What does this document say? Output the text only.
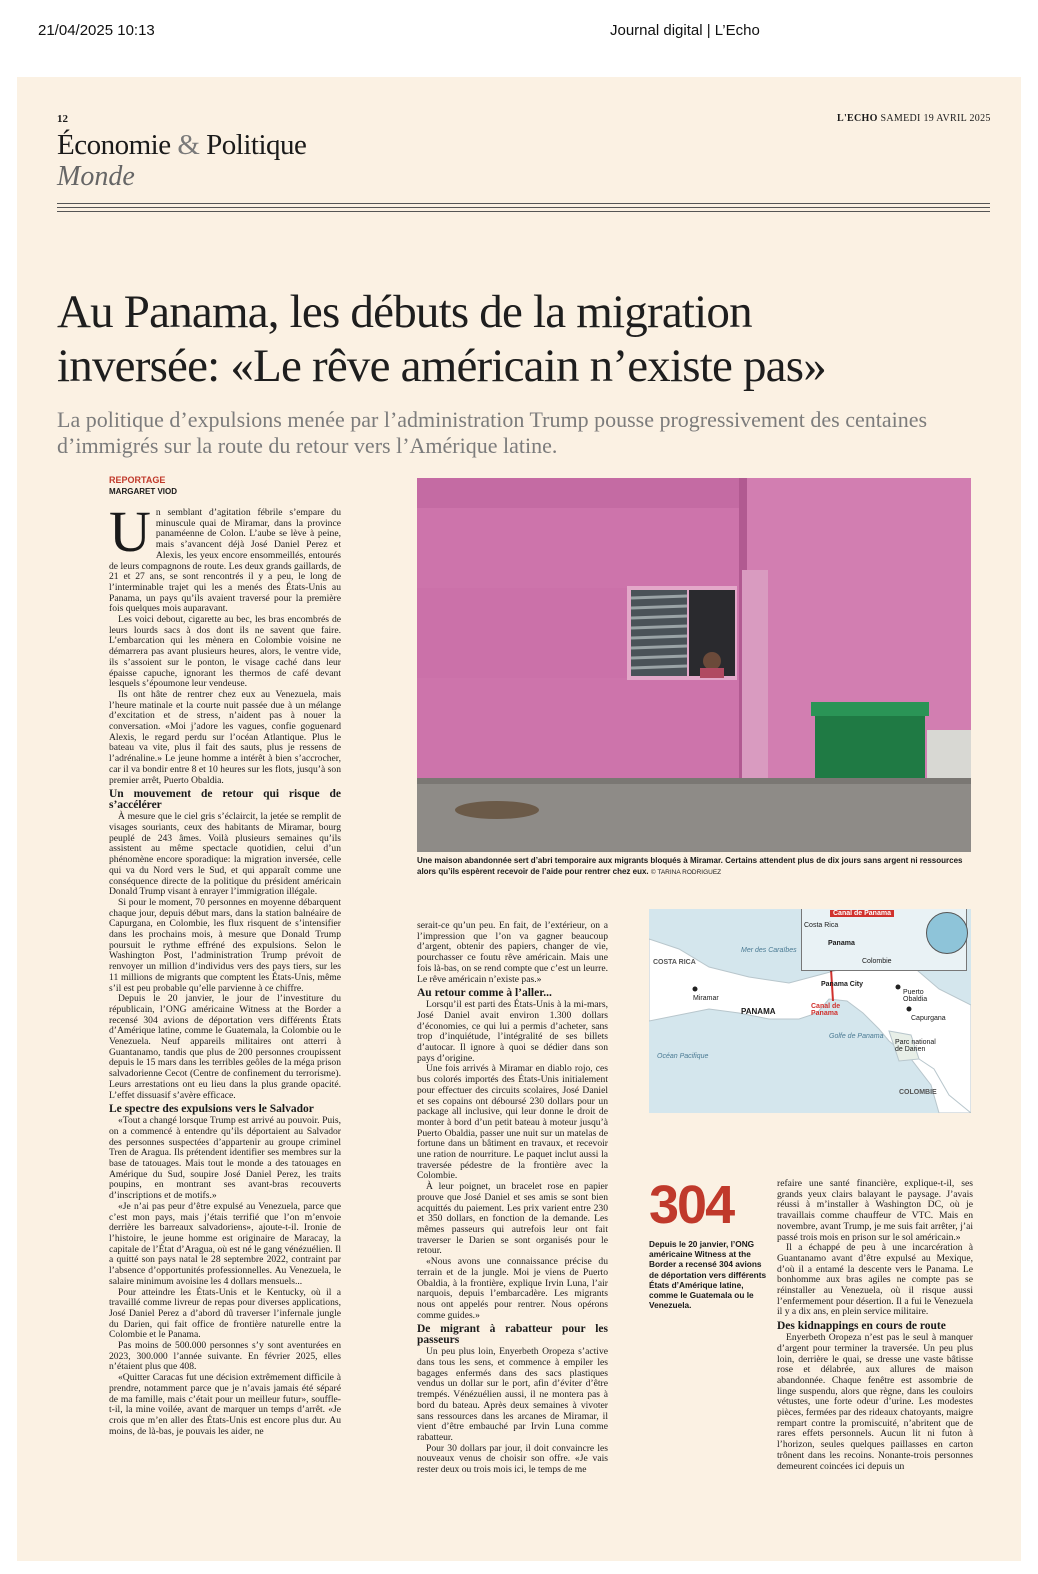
21/04/2025 10:13	Journal digital | L’Echo
12	L'ECHO SAMEDI 19 AVRIL 2025
Économie & Politique
Monde
Au Panama, les débuts de la migration
inversée: «Le rêve américain n’existe pas»
La politique d’expulsions menée par l’administration Trump pousse progressivement des centaines d’immigrés sur la route du retour vers l’Amérique latine.
REPORTAGE
MARGARET VIOD
U n semblant d’agitation fébrile s’empare du minuscule quai de Miramar, dans la province panaméenne de Colon. L’aube se lève à peine, mais s’avancent déjà José Daniel Perez et Alexis, les yeux encore ensommeillés, entourés de leurs compagnons de route. Les deux grands gaillards, de 21 et 27 ans, se sont rencontrés il y a peu, le long de l’interminable trajet qui les a menés des États-Unis au Panama, un pays qu’ils avaient traversé pour la première fois quelques mois auparavant.

Les voici debout, cigarette au bec, les bras encombrés de leurs lourds sacs à dos dont ils ne savent que faire. L’embarcation qui les mènera en Colombie voisine ne démarrera pas avant plusieurs heures, alors, le ventre vide, ils s’assoient sur le ponton, le visage caché dans leur épaisse capuche, ignorant les thermos de café devant lesquels s’époumone leur vendeuse.

Ils ont hâte de rentrer chez eux au Venezuela, mais l’heure matinale et la courte nuit passée due à un mélange d’excitation et de stress, n’aident pas à nouer la conversation. «Moi j’adore les vagues, confie goguenard Alexis, le regard perdu sur l’océan Atlantique. Plus le bateau va vite, plus il fait des sauts, plus je ressens de l’adrénaline.» Le jeune homme a intérêt à bien s’accrocher, car il va bondir entre 8 et 10 heures sur les flots, jusqu’à son premier arrêt, Puerto Obaldia.

Un mouvement de retour qui risque de s’accélérer

À mesure que le ciel gris s’éclaircit, la jetée se remplit de visages souriants, ceux des habitants de Miramar, bourg peuplé de 243 âmes. Voilà plusieurs semaines qu’ils assistent au même spectacle quotidien, celui d’un phénomène encore sporadique: la migration inversée, celle qui va du Nord vers le Sud, et qui apparaît comme une conséquence directe de la politique du président américain Donald Trump visant à enrayer l’immigration illégale.

Si pour le moment, 70 personnes en moyenne débarquent chaque jour, depuis début mars, dans la station balnéaire de Capurgana, en Colombie, les flux risquent de s’intensifier dans les prochains mois, à mesure que Donald Trump poursuit le rythme effréné des expulsions. Selon le Washington Post, l’administration Trump prévoit de renvoyer un million d’individus vers des pays tiers, sur les 11 millions de migrants que comptent les États-Unis, même s’il est peu probable qu’elle parvienne à ce chiffre.

Depuis le 20 janvier, le jour de l’investiture du républicain, l’ONG américaine Witness at the Border a recensé 304 avions de déportation vers différents États d’Amérique latine, comme le Guatemala, la Colombie ou le Venezuela. Neuf appareils militaires ont atterri à Guantanamo, tandis que plus de 200 personnes croupissent depuis le 15 mars dans les terribles geôles de la méga prison salvadorienne Cecot (Centre de confinement du terrorisme). Leurs arrestations ont eu lieu dans la plus grande opacité. L’effet dissuasif s’avère efficace.

Le spectre des expulsions vers le Salvador

«Tout a changé lorsque Trump est arrivé au pouvoir. Puis, on a commencé à entendre qu’ils déportaient au Salvador des personnes suspectées d’appartenir au groupe criminel Tren de Aragua. Ils prétendent identifier ses membres sur la base de tatouages. Mais tout le monde a des tatouages en Amérique du Sud, soupire José Daniel Perez, les traits poupins, en montrant ses avant-bras recouverts d’inscriptions et de motifs.»

«Je n’ai pas peur d’être expulsé au Venezuela, parce que c’est mon pays, mais j’étais terrifié que l’on m’envoie derrière les barreaux salvadoriens», ajoute-t-il. Ironie de l’histoire, le jeune homme est originaire de Maracay, la capitale de l’État d’Aragua, où est né le gang vénézuélien. Il a quitté son pays natal le 28 septembre 2022, contraint par l’absence d’opportunités professionnelles. Au Venezuela, le salaire minimum avoisine les 4 dollars mensuels...

Pour atteindre les États-Unis et le Kentucky, où il a travaillé comme livreur de repas pour diverses applications, José Daniel Perez a d’abord dû traverser l’infernale jungle du Darien, qui fait office de frontière naturelle entre la Colombie et le Panama.

Pas moins de 500.000 personnes s’y sont aventurées en 2023, 300.000 l’année suivante. En février 2025, elles n’étaient plus que 408.

«Quitter Caracas fut une décision extrêmement difficile à prendre, notamment parce que je n’avais jamais été séparé de ma famille, mais c’était pour un meilleur futur», souffle-t-il, la mine voilée, avant de marquer un temps d’arrêt. «Je crois que m’en aller des États-Unis est encore plus dur. Au moins, de là-bas, je pouvais les aider, ne

Une maison abandonnée sert d’abri temporaire aux migrants bloqués à Miramar. Certains attendent plus de dix jours sans argent ni ressources alors qu’ils espèrent recevoir de l’aide pour rentrer chez eux. © TARINA RODRIGUEZ

serait-ce qu’un peu. En fait, de l’extérieur, on a l’impression que l’on va gagner beaucoup d’argent, obtenir des papiers, changer de vie, pourchasser ce foutu rêve américain. Mais une fois là-bas, on se rend compte que c’est un leurre. Le rêve américain n’existe pas.»

Au retour comme à l’aller...

Lorsqu’il est parti des États-Unis à la mi-mars, José Daniel avait environ 1.300 dollars d’économies, ce qui lui a permis d’acheter, sans trop d’inquiétude, l’intégralité de ses billets d’autocar. Il ignore à quoi se dédier dans son pays d’origine.

Une fois arrivés à Miramar en diablo rojo, ces bus colorés importés des États-Unis initialement pour effectuer des circuits scolaires, José Daniel et ses copains ont déboursé 230 dollars pour un package all inclusive, qui leur donne le droit de monter à bord d’un petit bateau à moteur jusqu’à Puerto Obaldia, passer une nuit sur un matelas de fortune dans un bâtiment en travaux, et recevoir une ration de nourriture. Le paquet inclut aussi la traversée pédestre de la frontière avec la Colombie.

À leur poignet, un bracelet rose en papier prouve que José Daniel et ses amis se sont bien acquittés du paiement. Les prix varient entre 230 et 350 dollars, en fonction de la demande. Les mêmes passeurs qui autrefois leur ont fait traverser le Darien se sont organisés pour le retour.

«Nous avons une connaissance précise du terrain et de la jungle. Moi je viens de Puerto Obaldia, à la frontière, explique Irvin Luna, l’air narquois, depuis l’embarcadère. Les migrants nous ont appelés pour rentrer. Nous opérons comme guides.»

De migrant à rabatteur pour les passeurs

Un peu plus loin, Enyerbeth Oropeza s’active dans tous les sens, et commence à empiler les bagages enfermés dans des sacs plastiques vendus un dollar sur le port, afin d’éviter d’être trempés. Vénézuélien aussi, il ne montera pas à bord du bateau. Après deux semaines à vivoter sans ressources dans les arcanes de Miramar, il vient d’être embauché par Irvin Luna comme rabatteur.

Pour 30 dollars par jour, il doit convaincre les nouveaux venus de choisir son offre. «Je vais rester deux ou trois mois ici, le temps de me

Canal de Panama
Costa Rica
Panama
Colombie
COSTA RICA
Mer des Caraïbes
Panama City
Puerto Obaldia
Miramar
PANAMA
Canal de Panama
Capurgana
Golfe de Panama
Parc national de Darien
Océan Pacifique
COLOMBIE
304
Depuis le 20 janvier, l’ONG américaine Witness at the Border a recensé 304 avions de déportation vers différents États d’Amérique latine, comme le Guatemala ou le Venezuela.

refaire une santé financière, explique-t-il, ses grands yeux clairs balayant le paysage. J’avais réussi à m’installer à Washington DC, où je travaillais comme chauffeur de VTC. Mais en novembre, avant Trump, je me suis fait arrêter, j’ai passé trois mois en prison sur le sol américain.»

Il a échappé de peu à une incarcération à Guantanamo avant d’être expulsé au Mexique, d’où il a entamé la descente vers le Panama. Le bonhomme aux bras agiles ne compte pas se réinstaller au Venezuela, où il risque aussi l’enfermement pour désertion. Il a fui le Venezuela il y a dix ans, en plein service militaire.

Des kidnappings en cours de route

Enyerbeth Oropeza n’est pas le seul à manquer d’argent pour terminer la traversée. Un peu plus loin, derrière le quai, se dresse une vaste bâtisse rose et délabrée, aux allures de maison abandonnée. Chaque fenêtre est assombrie de linge suspendu, alors que règne, dans les couloirs vétustes, une forte odeur d’urine. Les modestes pièces, fermées par des rideaux chatoyants, maigre rempart contre la promiscuité, n’abritent que de rares effets personnels. Aucun lit ni futon à l’horizon, seules quelques paillasses en carton trônent dans les recoins. Nonante-trois personnes demeurent coincées ici depuis un
